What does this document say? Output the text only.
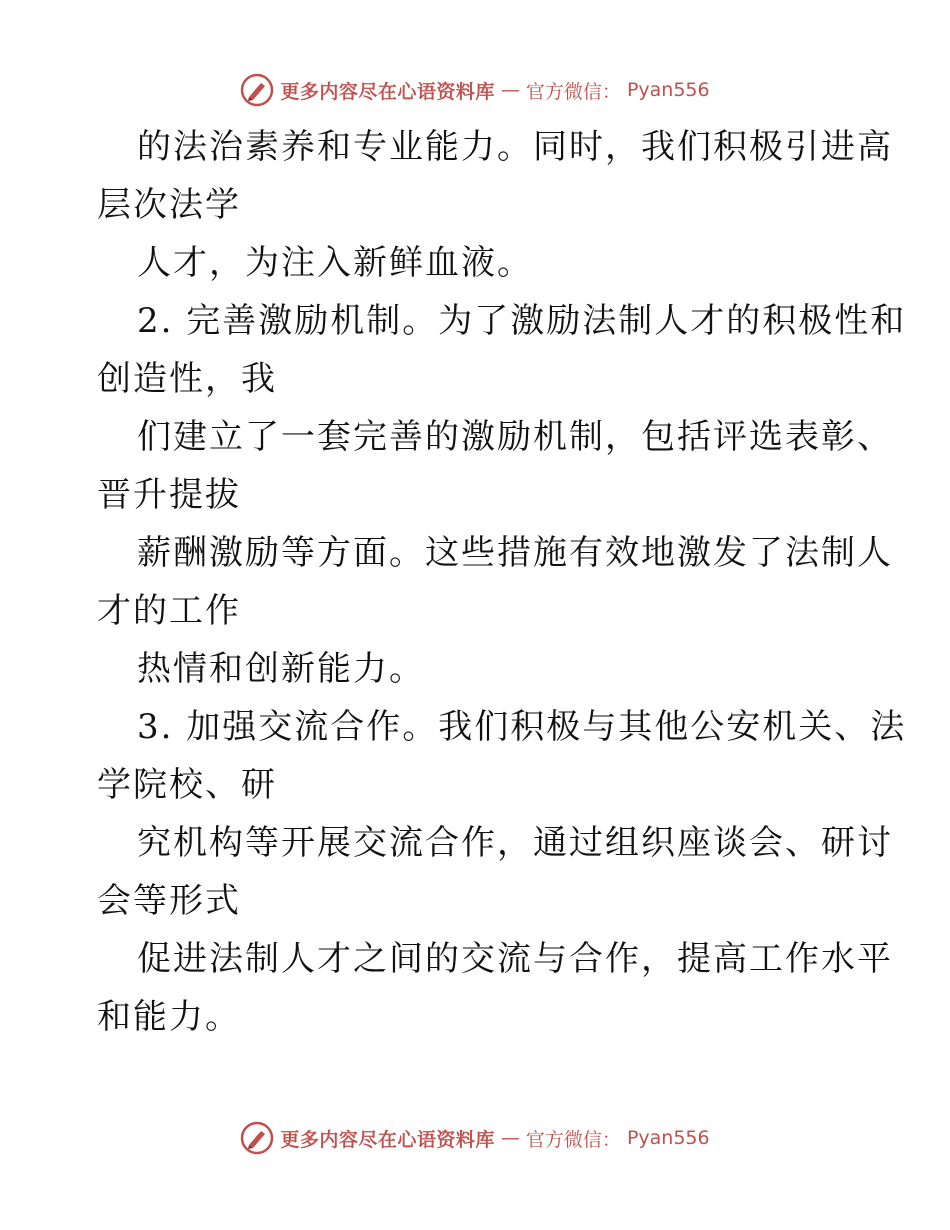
更多内容尽在心语资料库 — 官方微信： Pyan556
的法治素养和专业能力。同时，我们积极引进高
层次法学
人才，为注入新鲜血液。
2. 完善激励机制。为了激励法制人才的积极性和
创造性，我
们建立了一套完善的激励机制，包括评选表彰、
晋升提拔
薪酬激励等方面。这些措施有效地激发了法制人
才的工作
热情和创新能力。
3. 加强交流合作。我们积极与其他公安机关、法
学院校、研
究机构等开展交流合作，通过组织座谈会、研讨
会等形式
促进法制人才之间的交流与合作，提高工作水平
和能力。
更多内容尽在心语资料库 — 官方微信： Pyan556
